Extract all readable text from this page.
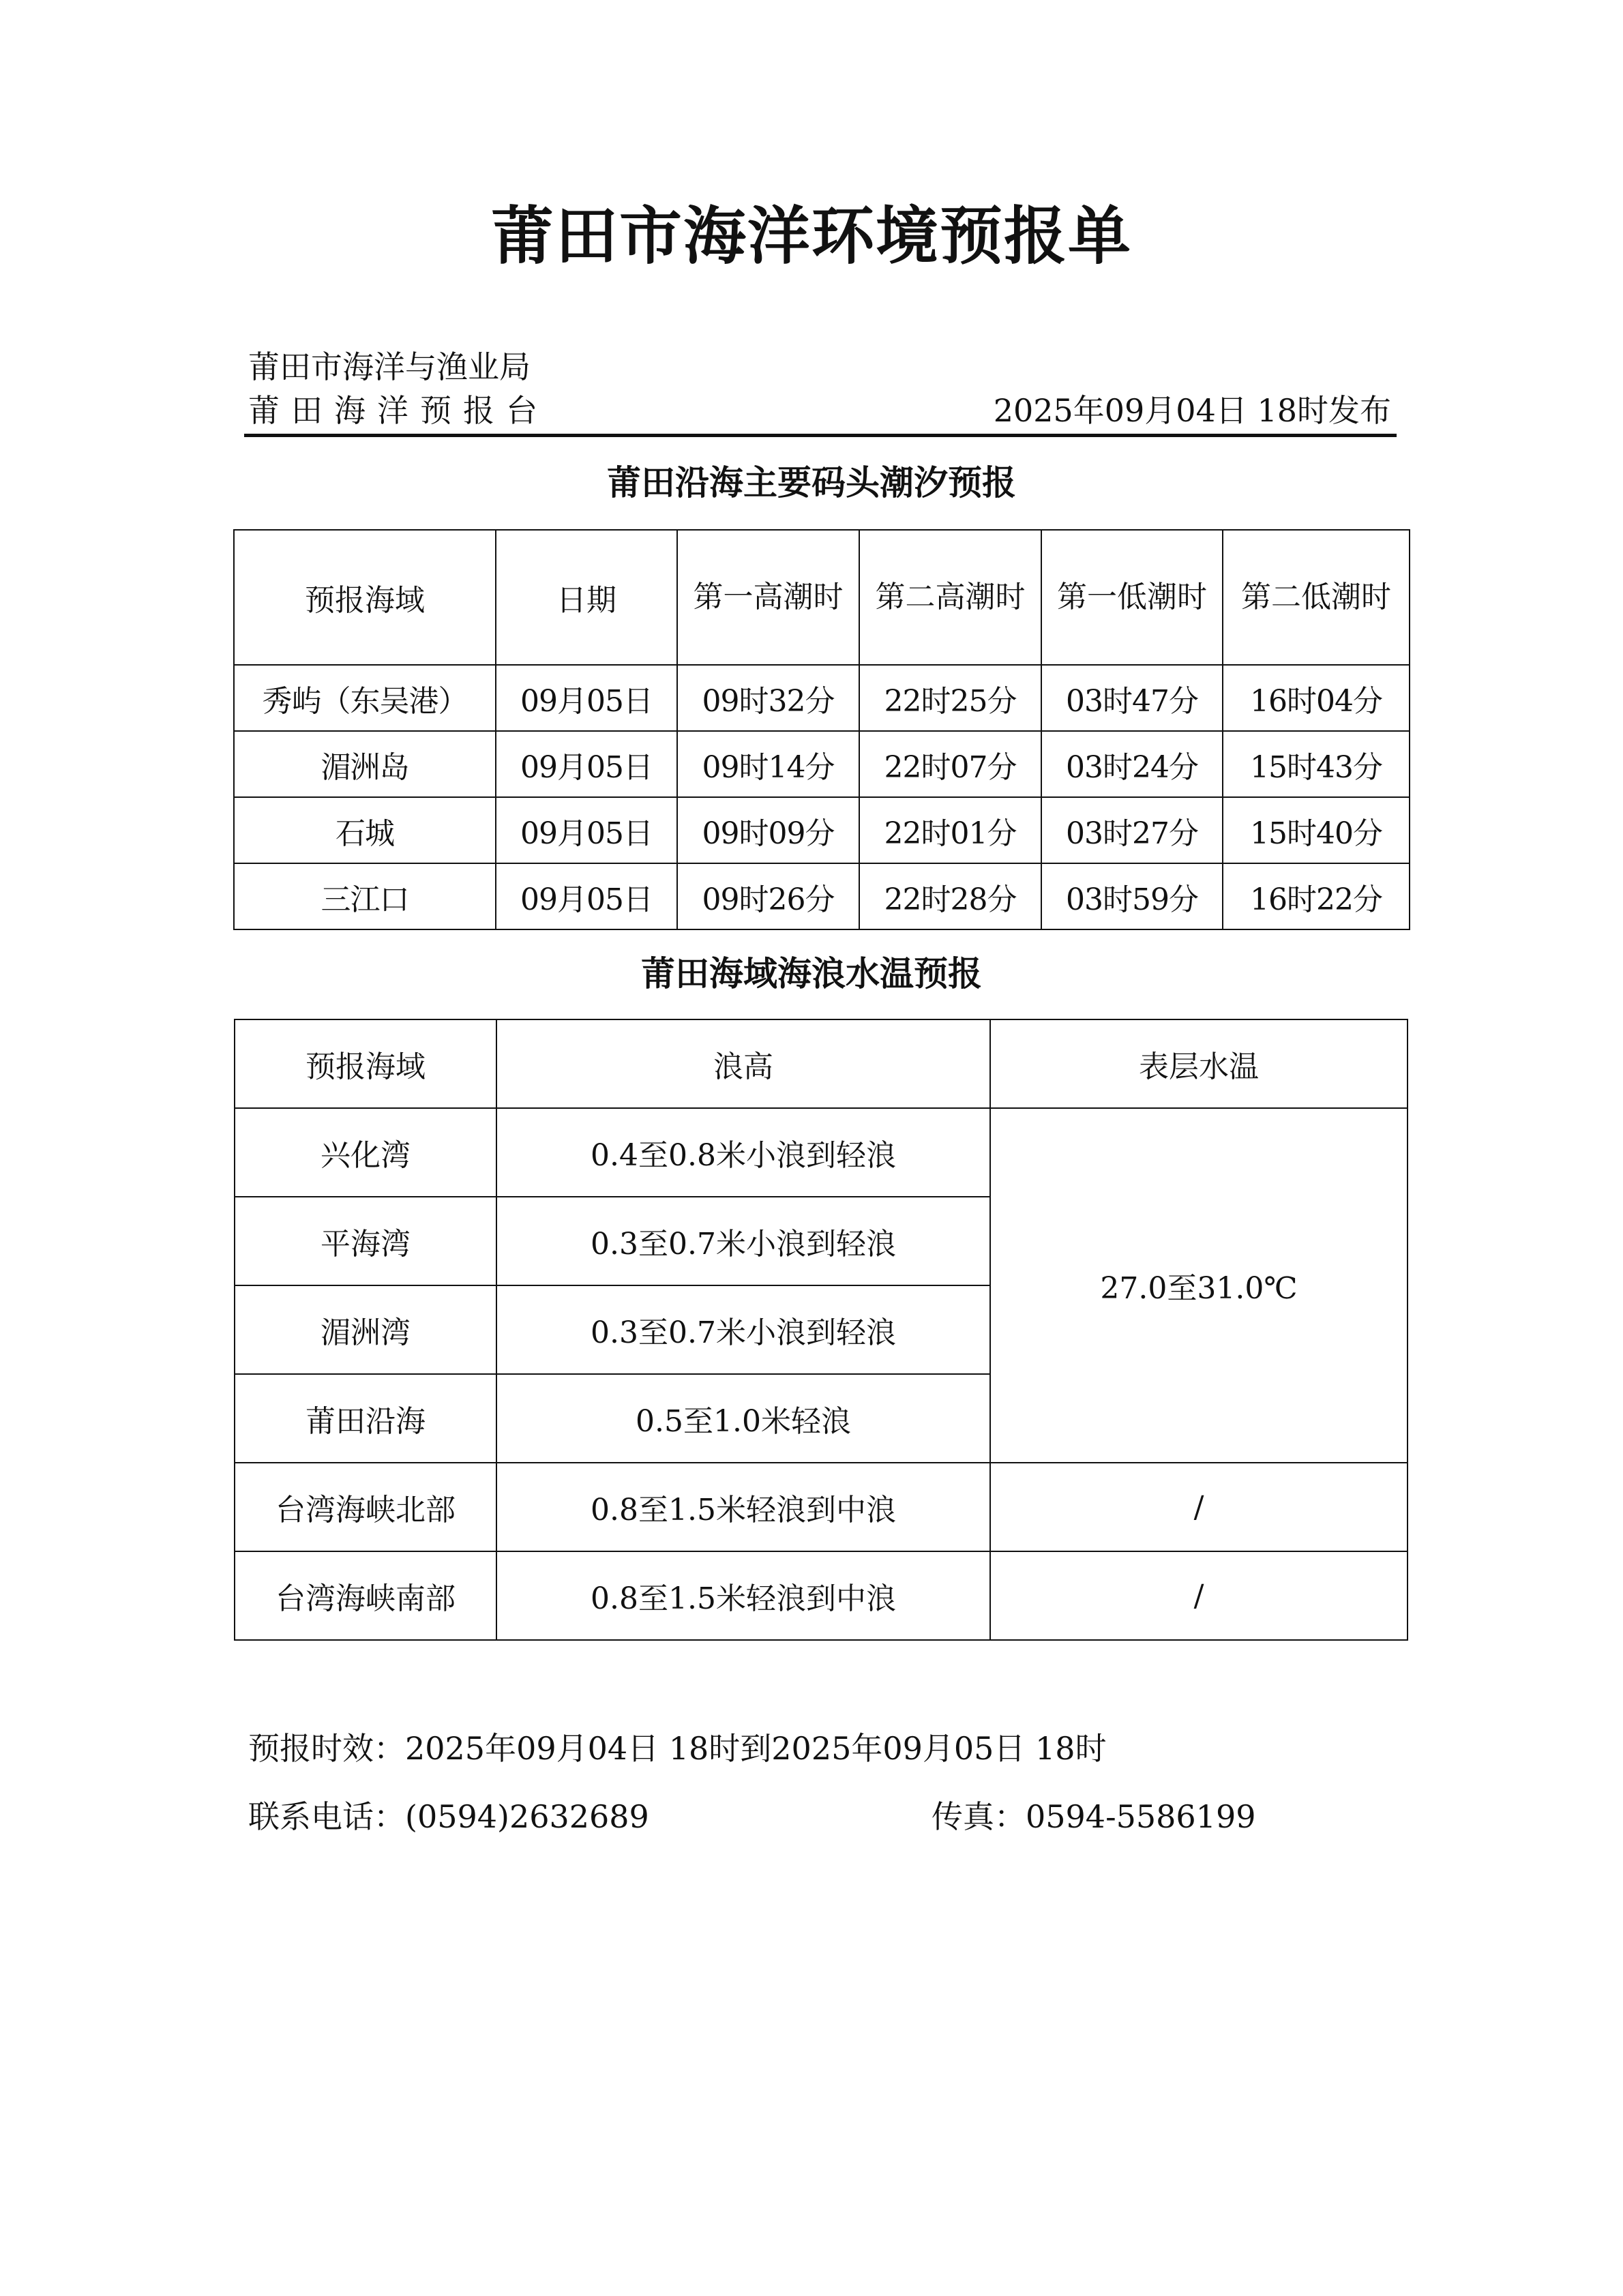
莆田市海洋环境预报单
莆田市海洋与渔业局
莆田海洋预报台	2025年09月04日 18时发布
莆田沿海主要码头潮汐预报
预报海域	日期	第一高潮时	第二高潮时	第一低潮时	第二低潮时
秀屿（东吴港）	09月05日	09时32分	22时25分	03时47分	16时04分
湄洲岛	09月05日	09时14分	22时07分	03时24分	15时43分
石城	09月05日	09时09分	22时01分	03时27分	15时40分
三江口	09月05日	09时26分	22时28分	03时59分	16时22分
莆田海域海浪水温预报
预报海域	浪高	表层水温
兴化湾	0.4至0.8米小浪到轻浪	27.0至31.0℃
平海湾	0.3至0.7米小浪到轻浪	
湄洲湾	0.3至0.7米小浪到轻浪	
莆田沿海	0.5至1.0米轻浪	
台湾海峡北部	0.8至1.5米轻浪到中浪	/
台湾海峡南部	0.8至1.5米轻浪到中浪	/
预报时效：2025年09月04日 18时到2025年09月05日 18时
联系电话：(0594)2632689	传真：0594-5586199
